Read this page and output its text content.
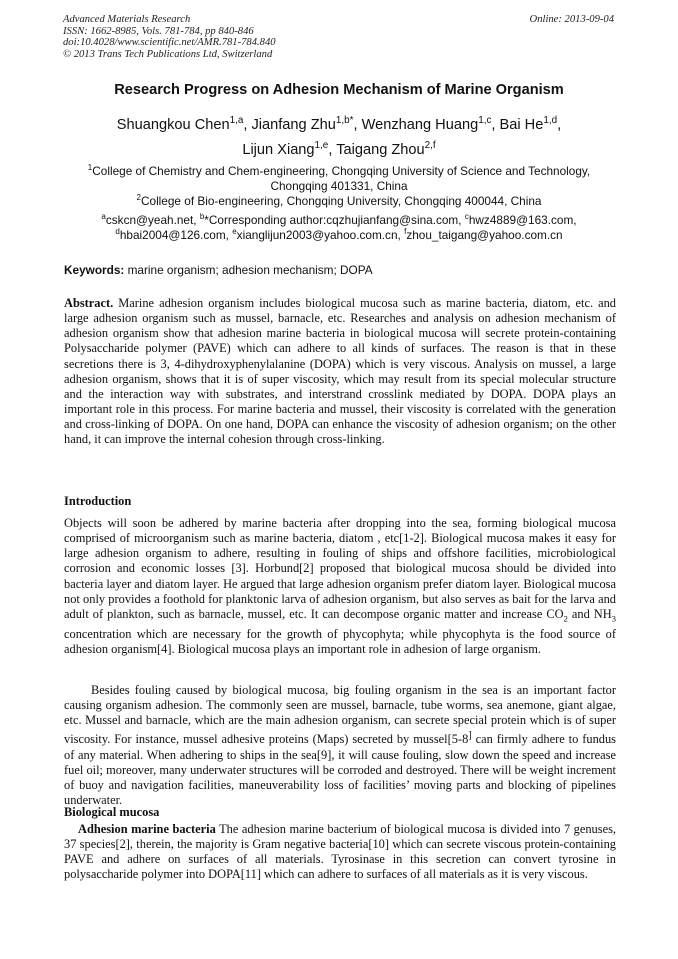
Advanced Materials Research
ISSN: 1662-8985, Vols. 781-784, pp 840-846
doi:10.4028/www.scientific.net/AMR.781-784.840
© 2013 Trans Tech Publications Ltd, Switzerland
Online: 2013-09-04
Research Progress on Adhesion Mechanism of Marine Organism
Shuangkou Chen$^{1,a}$, Jianfang Zhu$^{1,b*}$, Wenzhang Huang$^{1,c}$, Bai He$^{1,d}$,
Lijun Xiang$^{1,e}$, Taigang Zhou$^{2,f}$
$^1$College of Chemistry and Chem-engineering, Chongqing University of Science and Technology,
Chongqing 401331, China
$^2$College of Bio-engineering, Chongqing University, Chongqing 400044, China
$^a$cskcn@yeah.net, $^b$*Corresponding author:cqzhujianfang@sina.com, $^c$hwz4889@163.com,
$^d$hbai2004@126.com, $^e$xianglijun2003@yahoo.com.cn, $^f$zhou_taigang@yahoo.com.cn
Keywords: marine organism; adhesion mechanism; DOPA
Abstract. Marine adhesion organism includes biological mucosa such as marine bacteria, diatom, etc. and large adhesion organism such as mussel, barnacle, etc. Researches and analysis on adhesion mechanism of adhesion organism show that adhesion marine bacteria in biological mucosa will secrete protein-containing Polysaccharide polymer (PAVE) which can adhere to all kinds of surfaces. The reason is that in these secretions there is 3, 4-dihydroxyphenylalanine (DOPA) which is very viscous. Analysis on mussel, a large adhesion organism, shows that it is of super viscosity, which may result from its special molecular structure and the interaction way with substrates, and interstrand crosslink mediated by DOPA. DOPA plays an important role in this process. For marine bacteria and mussel, their viscosity is correlated with the generation and cross-linking of DOPA. On one hand, DOPA can enhance the viscosity of adhesion organism; on the other hand, it can improve the internal cohesion through cross-linking.
Introduction
Objects will soon be adhered by marine bacteria after dropping into the sea, forming biological mucosa comprised of microorganism such as marine bacteria, diatom , etc[1-2]. Biological mucosa makes it easy for large adhesion organism to adhere, resulting in fouling of ships and offshore facilities, microbiological corrosion and economic losses [3]. Horbund[2] proposed that biological mucosa should be divided into bacteria layer and diatom layer. He argued that large adhesion organism prefer diatom layer. Biological mucosa not only provides a foothold for planktonic larva of adhesion organism, but also serves as bait for the larva and adult of plankton, such as barnacle, mussel, etc. It can decompose organic matter and increase $CO_2$ and $NH_3$ concentration which are necessary for the growth of phycophyta; while phycophyta is the food source of adhesion organism[4]. Biological mucosa plays an important role in adhesion of large organism.
Besides fouling caused by biological mucosa, big fouling organism in the sea is an important factor causing organism adhesion. The commonly seen are mussel, barnacle, tube worms, sea anemone, giant algae, etc. Mussel and barnacle, which are the main adhesion organism, can secrete special protein which is of super viscosity. For instance, mussel adhesive proteins (Maps) secreted by mussel[5-8] can firmly adhere to fundus of any material. When adhering to ships in the sea[9], it will cause fouling, slow down the speed and increase fuel oil; moreover, many underwater structures will be corroded and destroyed. There will be weight increment of buoy and navigation facilities, maneuverability loss of facilities’ moving parts and blocking of pipelines underwater.
Biological mucosa
Adhesion marine bacteria The adhesion marine bacterium of biological mucosa is divided into 7 genuses, 37 species[2], therein, the majority is Gram negative bacteria[10] which can secrete viscous protein-containing PAVE and adhere on surfaces of all materials. Tyrosinase in this secretion can convert tyrosine in polysaccharide polymer into DOPA[11] which can adhere to surfaces of all materials as it is very viscous.
